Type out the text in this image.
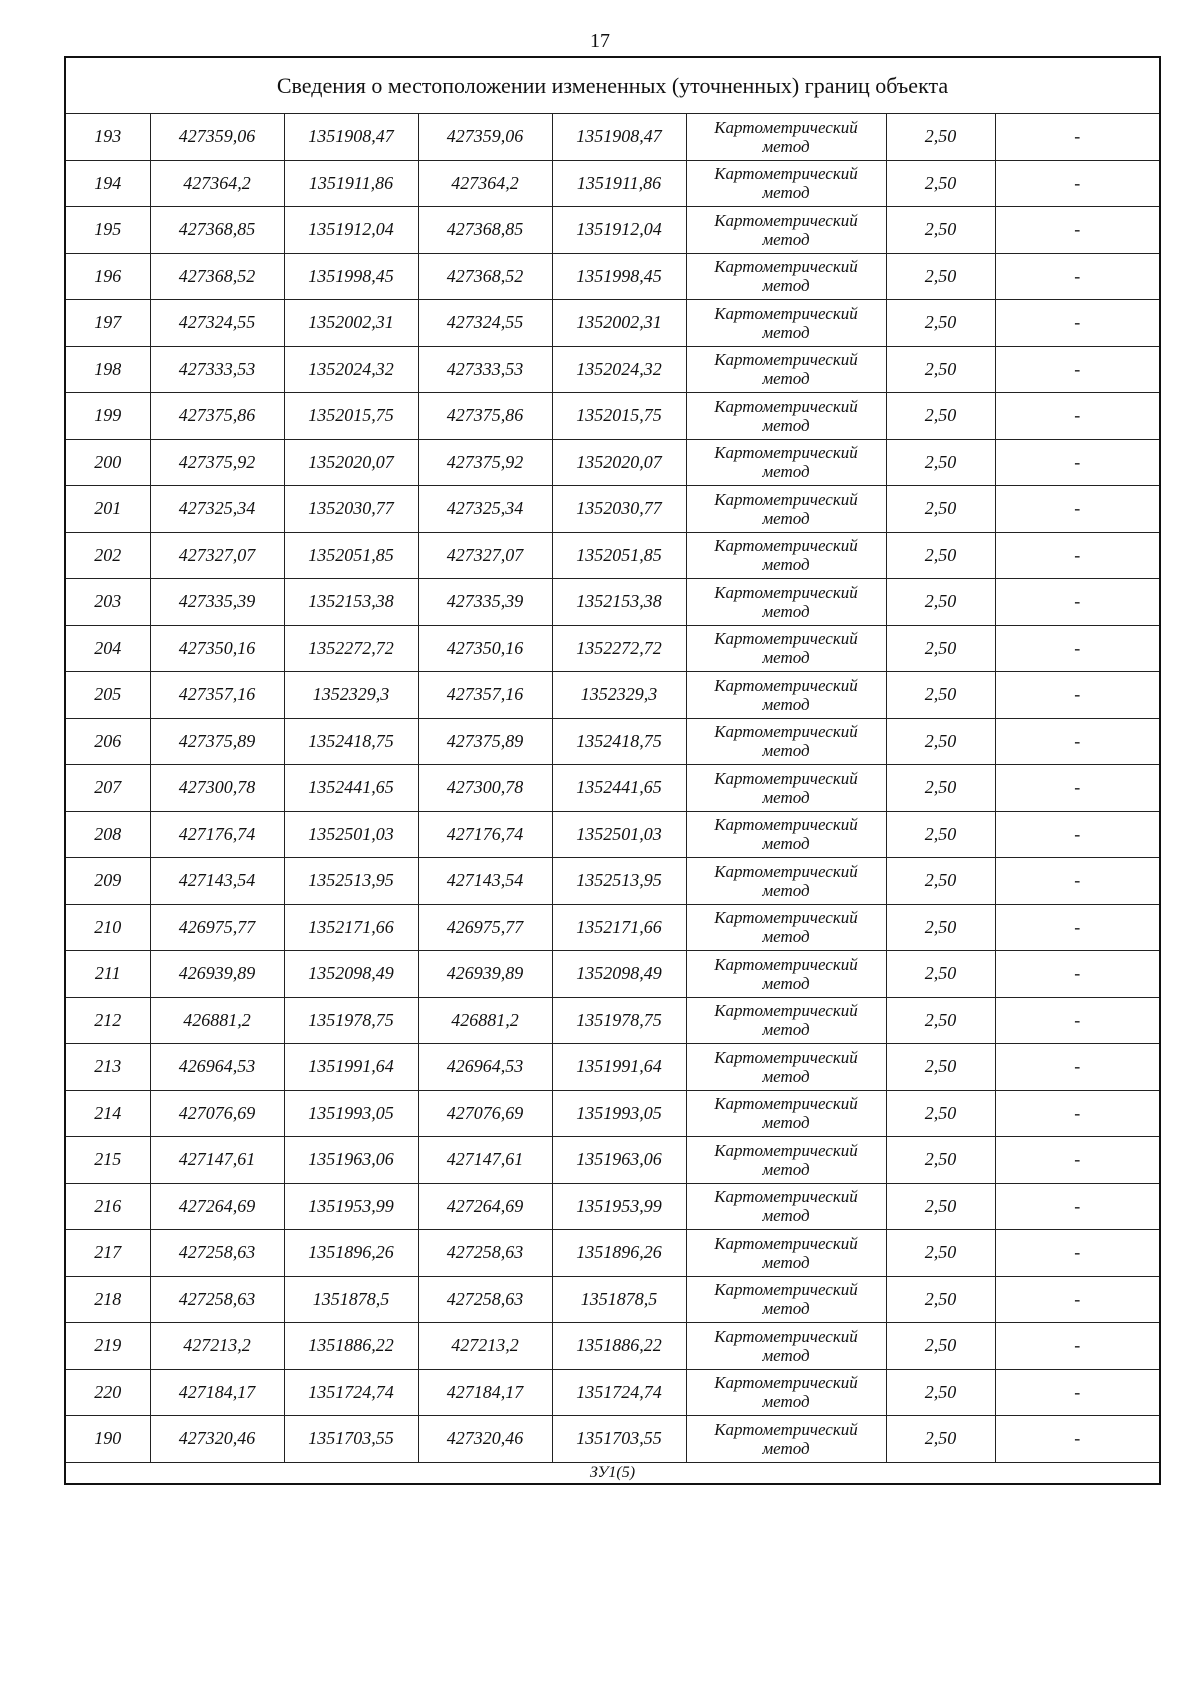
17
Сведения о местоположении измененных (уточненных) границ объекта							
193	427359,06	1351908,47	427359,06	1351908,47	Картометрический
метод	2,50	-
194	427364,2	1351911,86	427364,2	1351911,86	Картометрический
метод	2,50	-
195	427368,85	1351912,04	427368,85	1351912,04	Картометрический
метод	2,50	-
196	427368,52	1351998,45	427368,52	1351998,45	Картометрический
метод	2,50	-
197	427324,55	1352002,31	427324,55	1352002,31	Картометрический
метод	2,50	-
198	427333,53	1352024,32	427333,53	1352024,32	Картометрический
метод	2,50	-
199	427375,86	1352015,75	427375,86	1352015,75	Картометрический
метод	2,50	-
200	427375,92	1352020,07	427375,92	1352020,07	Картометрический
метод	2,50	-
201	427325,34	1352030,77	427325,34	1352030,77	Картометрический
метод	2,50	-
202	427327,07	1352051,85	427327,07	1352051,85	Картометрический
метод	2,50	-
203	427335,39	1352153,38	427335,39	1352153,38	Картометрический
метод	2,50	-
204	427350,16	1352272,72	427350,16	1352272,72	Картометрический
метод	2,50	-
205	427357,16	1352329,3	427357,16	1352329,3	Картометрический
метод	2,50	-
206	427375,89	1352418,75	427375,89	1352418,75	Картометрический
метод	2,50	-
207	427300,78	1352441,65	427300,78	1352441,65	Картометрический
метод	2,50	-
208	427176,74	1352501,03	427176,74	1352501,03	Картометрический
метод	2,50	-
209	427143,54	1352513,95	427143,54	1352513,95	Картометрический
метод	2,50	-
210	426975,77	1352171,66	426975,77	1352171,66	Картометрический
метод	2,50	-
211	426939,89	1352098,49	426939,89	1352098,49	Картометрический
метод	2,50	-
212	426881,2	1351978,75	426881,2	1351978,75	Картометрический
метод	2,50	-
213	426964,53	1351991,64	426964,53	1351991,64	Картометрический
метод	2,50	-
214	427076,69	1351993,05	427076,69	1351993,05	Картометрический
метод	2,50	-
215	427147,61	1351963,06	427147,61	1351963,06	Картометрический
метод	2,50	-
216	427264,69	1351953,99	427264,69	1351953,99	Картометрический
метод	2,50	-
217	427258,63	1351896,26	427258,63	1351896,26	Картометрический
метод	2,50	-
218	427258,63	1351878,5	427258,63	1351878,5	Картометрический
метод	2,50	-
219	427213,2	1351886,22	427213,2	1351886,22	Картометрический
метод	2,50	-
220	427184,17	1351724,74	427184,17	1351724,74	Картометрический
метод	2,50	-
190	427320,46	1351703,55	427320,46	1351703,55	Картометрический
метод	2,50	-
ЗУ1(5)							
